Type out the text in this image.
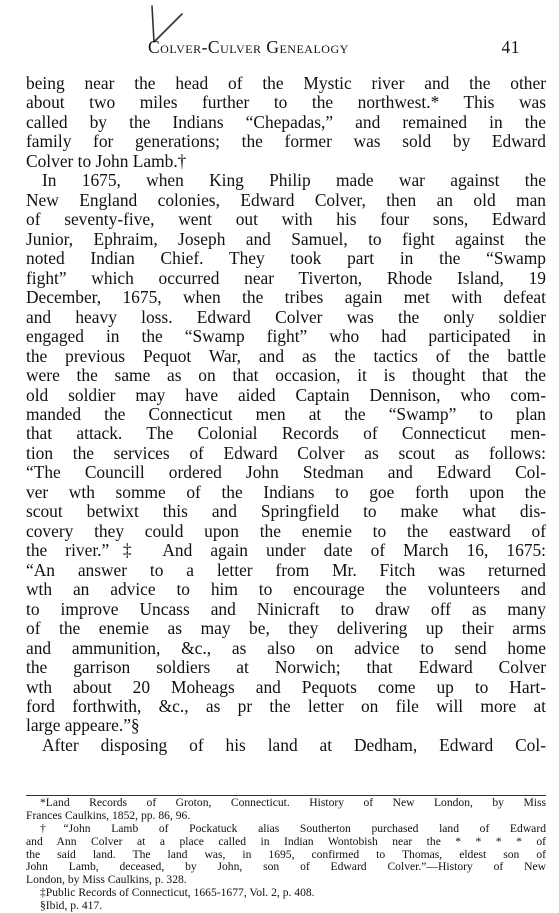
Colver-Culver Genealogy	41
being near the head of the Mystic river and the other
about two miles further to the northwest.* This was
called by the Indians “Chepadas,” and remained in the
family for generations; the former was sold by Edward
Colver to John Lamb.†
In 1675, when King Philip made war against the
New England colonies, Edward Colver, then an old man
of seventy-five, went out with his four sons, Edward
Junior, Ephraim, Joseph and Samuel, to fight against the
noted Indian Chief. They took part in the “Swamp
fight” which occurred near Tiverton, Rhode Island, 19
December, 1675, when the tribes again met with defeat
and heavy loss. Edward Colver was the only soldier
engaged in the “Swamp fight” who had participated in
the previous Pequot War, and as the tactics of the battle
were the same as on that occasion, it is thought that the
old soldier may have aided Captain Dennison, who com-
manded the Connecticut men at the “Swamp” to plan
that attack. The Colonial Records of Connecticut men-
tion the services of Edward Colver as scout as follows:
“The Councill ordered John Stedman and Edward Col-
ver wth somme of the Indians to goe forth upon the
scout betwixt this and Springfield to make what dis-
covery they could upon the enemie to the eastward of
the river.”‡ And again under date of March 16, 1675:
“An answer to a letter from Mr. Fitch was returned
wth an advice to him to encourage the volunteers and
to improve Uncass and Ninicraft to draw off as many
of the enemie as may be, they delivering up their arms
and ammunition, &c., as also on advice to send home
the garrison soldiers at Norwich; that Edward Colver
wth about 20 Moheags and Pequots come up to Hart-
ford forthwith, &c., as pr the letter on file will more at
large appeare.”§
After disposing of his land at Dedham, Edward Col-
*Land Records of Groton, Connecticut. History of New London, by Miss
Frances Caulkins, 1852, pp. 86, 96.
†“John Lamb of Pockatuck alias Southerton purchased land of Edward
and Ann Colver at a place called in Indian Wontobish near the * * * * of
the said land. The land was, in 1695, confirmed to Thomas, eldest son of
John Lamb, deceased, by John, son of Edward Colver.”—History of New
London, by Miss Caulkins, p. 328.
‡Public Records of Connecticut, 1665-1677, Vol. 2, p. 408.
§Ibid, p. 417.
